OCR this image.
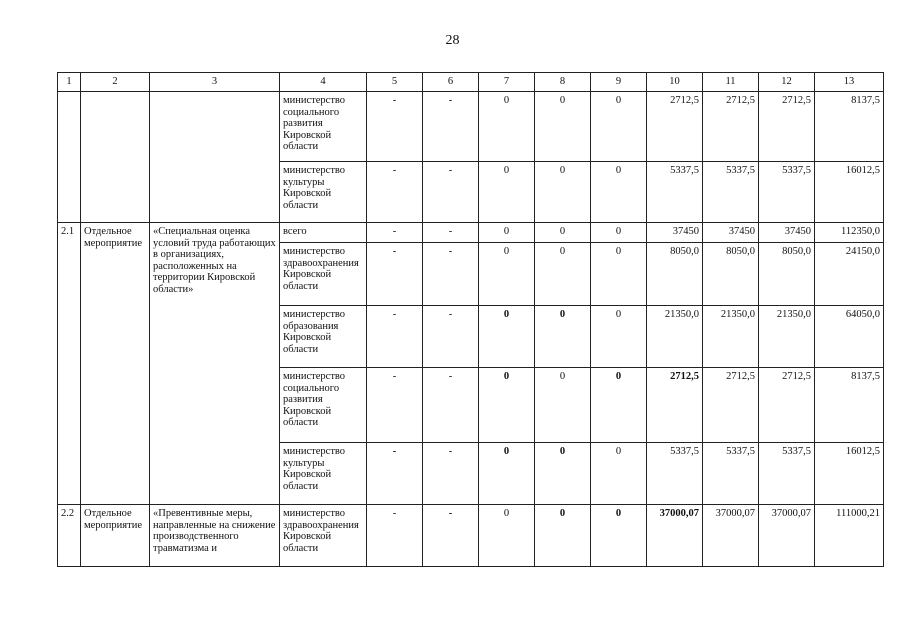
28
1	2	3	4	5	6	7	8	9	10	11	12	13
			министерство социального развития Кировской области	-	-	0	0	0	2712,5	2712,5	2712,5	8137,5
			министерство культуры Кировской области	-	-	0	0	0	5337,5	5337,5	5337,5	16012,5
2.1	Отдельное мероприятие	«Специальная оценка условий труда работающих в организациях, расположенных на территории Кировской области»	всего	-	-	0	0	0	37450	37450	37450	112350,0
			министерство здравоохранения Кировской области	-	-	0	0	0	8050,0	8050,0	8050,0	24150,0
			министерство образования Кировской области	-	-	0	0	0	21350,0	21350,0	21350,0	64050,0
			министерство социального развития Кировской области	-	-	0	0	0	2712,5	2712,5	2712,5	8137,5
			министерство культуры Кировской области	-	-	0	0	0	5337,5	5337,5	5337,5	16012,5
2.2	Отдельное мероприятие	«Превентивные меры, направленные на снижение производственного травматизма и	министерство здравоохранения Кировской области	-	-	0	0	0	37000,07	37000,07	37000,07	111000,21
